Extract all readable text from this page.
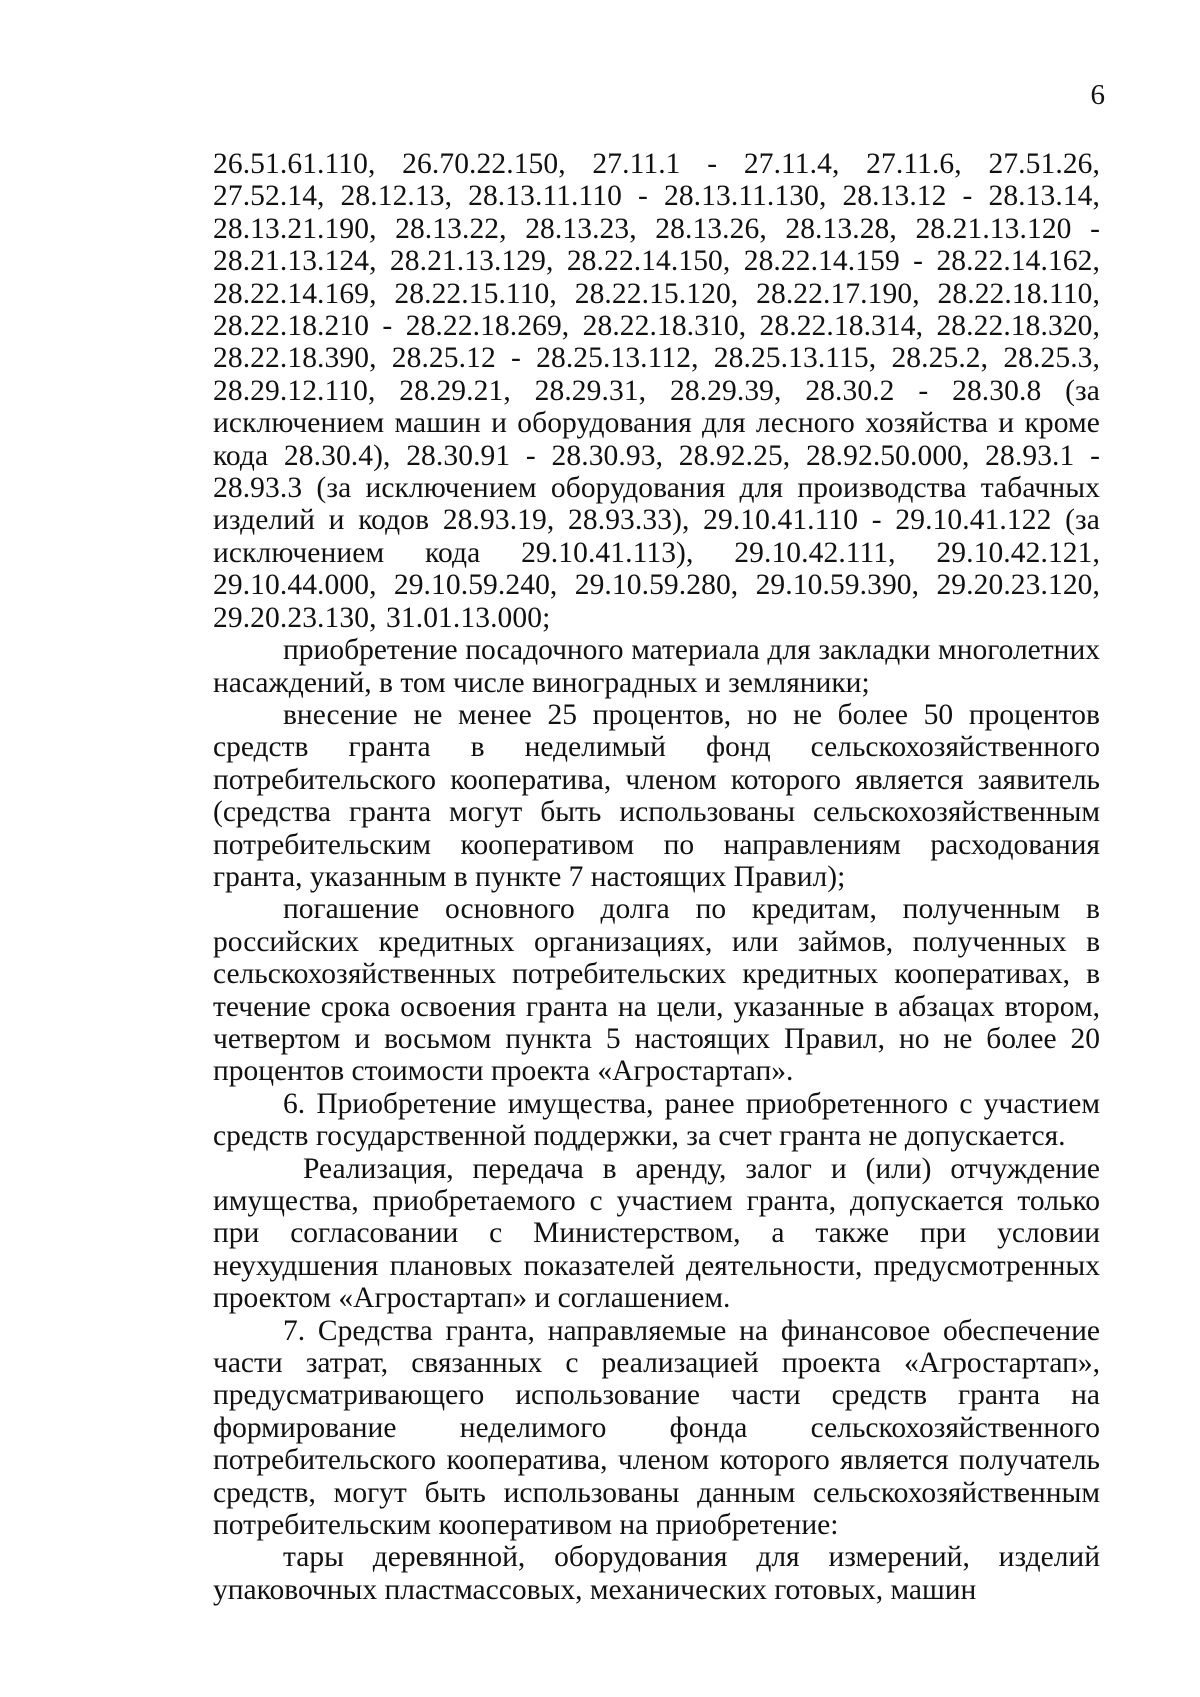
6

26.51.61.110, 26.70.22.150, 27.11.1 - 27.11.4, 27.11.6, 27.51.26, 27.52.14, 28.12.13, 28.13.11.110 - 28.13.11.130, 28.13.12 - 28.13.14, 28.13.21.190, 28.13.22, 28.13.23, 28.13.26, 28.13.28, 28.21.13.120 - 28.21.13.124, 28.21.13.129, 28.22.14.150, 28.22.14.159 - 28.22.14.162, 28.22.14.169, 28.22.15.110, 28.22.15.120, 28.22.17.190, 28.22.18.110, 28.22.18.210 - 28.22.18.269, 28.22.18.310, 28.22.18.314, 28.22.18.320, 28.22.18.390, 28.25.12 - 28.25.13.112, 28.25.13.115, 28.25.2, 28.25.3, 28.29.12.110, 28.29.21, 28.29.31, 28.29.39, 28.30.2 - 28.30.8 (за исключением машин и оборудования для лесного хозяйства и кроме кода 28.30.4), 28.30.91 - 28.30.93, 28.92.25, 28.92.50.000, 28.93.1 - 28.93.3 (за исключением оборудования для производства табачных изделий и кодов 28.93.19, 28.93.33), 29.10.41.110 - 29.10.41.122 (за исключением кода 29.10.41.113), 29.10.42.111, 29.10.42.121, 29.10.44.000, 29.10.59.240, 29.10.59.280, 29.10.59.390, 29.20.23.120, 29.20.23.130, 31.01.13.000;

приобретение посадочного материала для закладки многолетних насаждений, в том числе виноградных и земляники;

внесение не менее 25 процентов, но не более 50 процентов средств гранта в неделимый фонд сельскохозяйственного потребительского кооператива, членом которого является заявитель (средства гранта могут быть использованы сельскохозяйственным потребительским кооперативом по направлениям расходования гранта, указанным в пункте 7 настоящих Правил);

погашение основного долга по кредитам, полученным в российских кредитных организациях, или займов, полученных в сельскохозяйственных потребительских кредитных кооперативах, в течение срока освоения гранта на цели, указанные в абзацах втором, четвертом и восьмом пункта 5 настоящих Правил, но не более 20 процентов стоимости проекта «Агростартап».

6. Приобретение имущества, ранее приобретенного с участием средств государственной поддержки, за счет гранта не допускается.

Реализация, передача в аренду, залог и (или) отчуждение имущества, приобретаемого с участием гранта, допускается только при согласовании с Министерством, а также при условии неухудшения плановых показателей деятельности, предусмотренных проектом «Агростартап» и соглашением.

7. Средства гранта, направляемые на финансовое обеспечение части затрат, связанных с реализацией проекта «Агростартап», предусматривающего использование части средств гранта на формирование неделимого фонда сельскохозяйственного потребительского кооператива, членом которого является получатель средств, могут быть использованы данным сельскохозяйственным потребительским кооперативом на приобретение:

тары деревянной, оборудования для измерений, изделий упаковочных пластмассовых, механических готовых, машин
